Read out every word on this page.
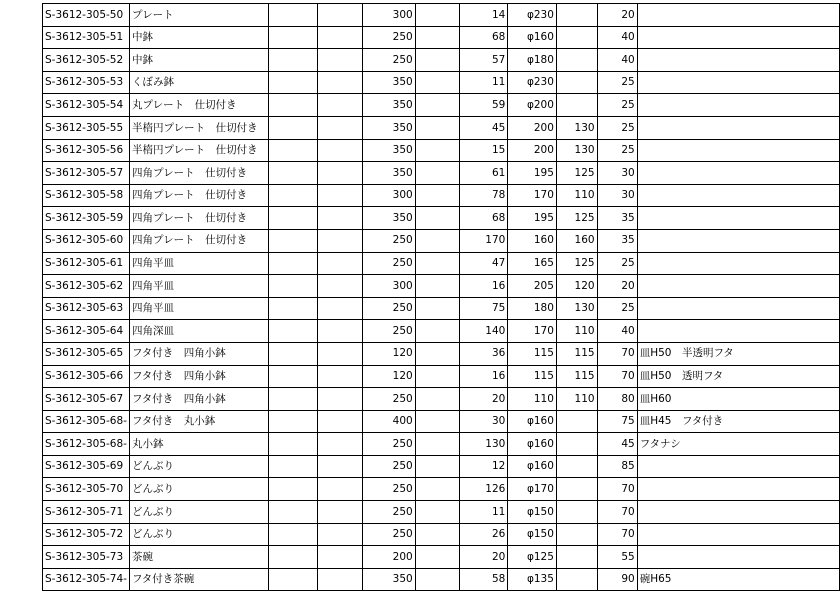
S-3612-305-50	プレート			300		14	φ230		20	
S-3612-305-51	中鉢			250		68	φ160		40	
S-3612-305-52	中鉢			250		57	φ180		40	
S-3612-305-53	くぼみ鉢			350		11	φ230		25	
S-3612-305-54	丸プレート　仕切付き			350		59	φ200		25	
S-3612-305-55	半楕円プレート　仕切付き			350		45	200	130	25	
S-3612-305-56	半楕円プレート　仕切付き			350		15	200	130	25	
S-3612-305-57	四角プレート　仕切付き			350		61	195	125	30	
S-3612-305-58	四角プレート　仕切付き			300		78	170	110	30	
S-3612-305-59	四角プレート　仕切付き			350		68	195	125	35	
S-3612-305-60	四角プレート　仕切付き			250		170	160	160	35	
S-3612-305-61	四角平皿			250		47	165	125	25	
S-3612-305-62	四角平皿			300		16	205	120	20	
S-3612-305-63	四角平皿			250		75	180	130	25	
S-3612-305-64	四角深皿			250		140	170	110	40	
S-3612-305-65	フタ付き　四角小鉢			120		36	115	115	70	皿H50　半透明フタ
S-3612-305-66	フタ付き　四角小鉢			120		16	115	115	70	皿H50　透明フタ
S-3612-305-67	フタ付き　四角小鉢			250		20	110	110	80	皿H60
S-3612-305-68-	フタ付き　丸小鉢			400		30	φ160		75	皿H45　フタ付き
S-3612-305-68-	丸小鉢			250		130	φ160		45	フタナシ
S-3612-305-69	どんぶり			250		12	φ160		85	
S-3612-305-70	どんぶり			250		126	φ170		70	
S-3612-305-71	どんぶり			250		11	φ150		70	
S-3612-305-72	どんぶり			250		26	φ150		70	
S-3612-305-73	茶碗			200		20	φ125		55	
S-3612-305-74-	フタ付き茶碗			350		58	φ135		90	碗H65
